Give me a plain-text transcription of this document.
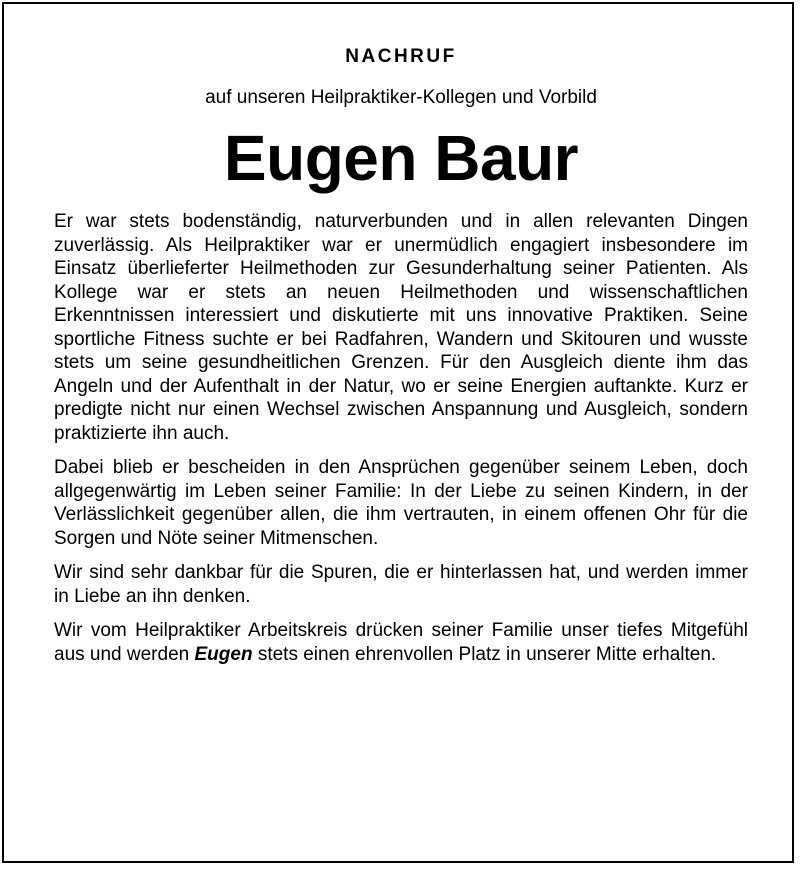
NACHRUF

auf unseren Heilpraktiker-Kollegen und Vorbild

Eugen Baur

Er war stets bodenständig, naturverbunden und in allen relevanten Dingen zuverlässig. Als Heilpraktiker war er unermüdlich engagiert insbesondere im Einsatz überlieferter Heilmethoden zur Gesunderhaltung seiner Patienten. Als Kollege war er stets an neuen Heilmethoden und wissenschaftlichen Erkenntnissen interessiert und diskutierte mit uns innovative Praktiken. Seine sportliche Fitness suchte er bei Radfahren, Wandern und Skitouren und wusste stets um seine gesundheitlichen Grenzen. Für den Ausgleich diente ihm das Angeln und der Aufenthalt in der Natur, wo er seine Energien auftankte. Kurz er predigte nicht nur einen Wechsel zwischen Anspannung und Ausgleich, sondern praktizierte ihn auch.

Dabei blieb er bescheiden in den Ansprüchen gegenüber seinem Leben, doch allgegenwärtig im Leben seiner Familie: In der Liebe zu seinen Kindern, in der Verlässlichkeit gegenüber allen, die ihm vertrauten, in einem offenen Ohr für die Sorgen und Nöte seiner Mitmenschen.

Wir sind sehr dankbar für die Spuren, die er hinterlassen hat, und werden immer in Liebe an ihn denken.

Wir vom Heilpraktiker Arbeitskreis drücken seiner Familie unser tiefes Mitgefühl aus und werden Eugen stets einen ehrenvollen Platz in unserer Mitte erhalten.
